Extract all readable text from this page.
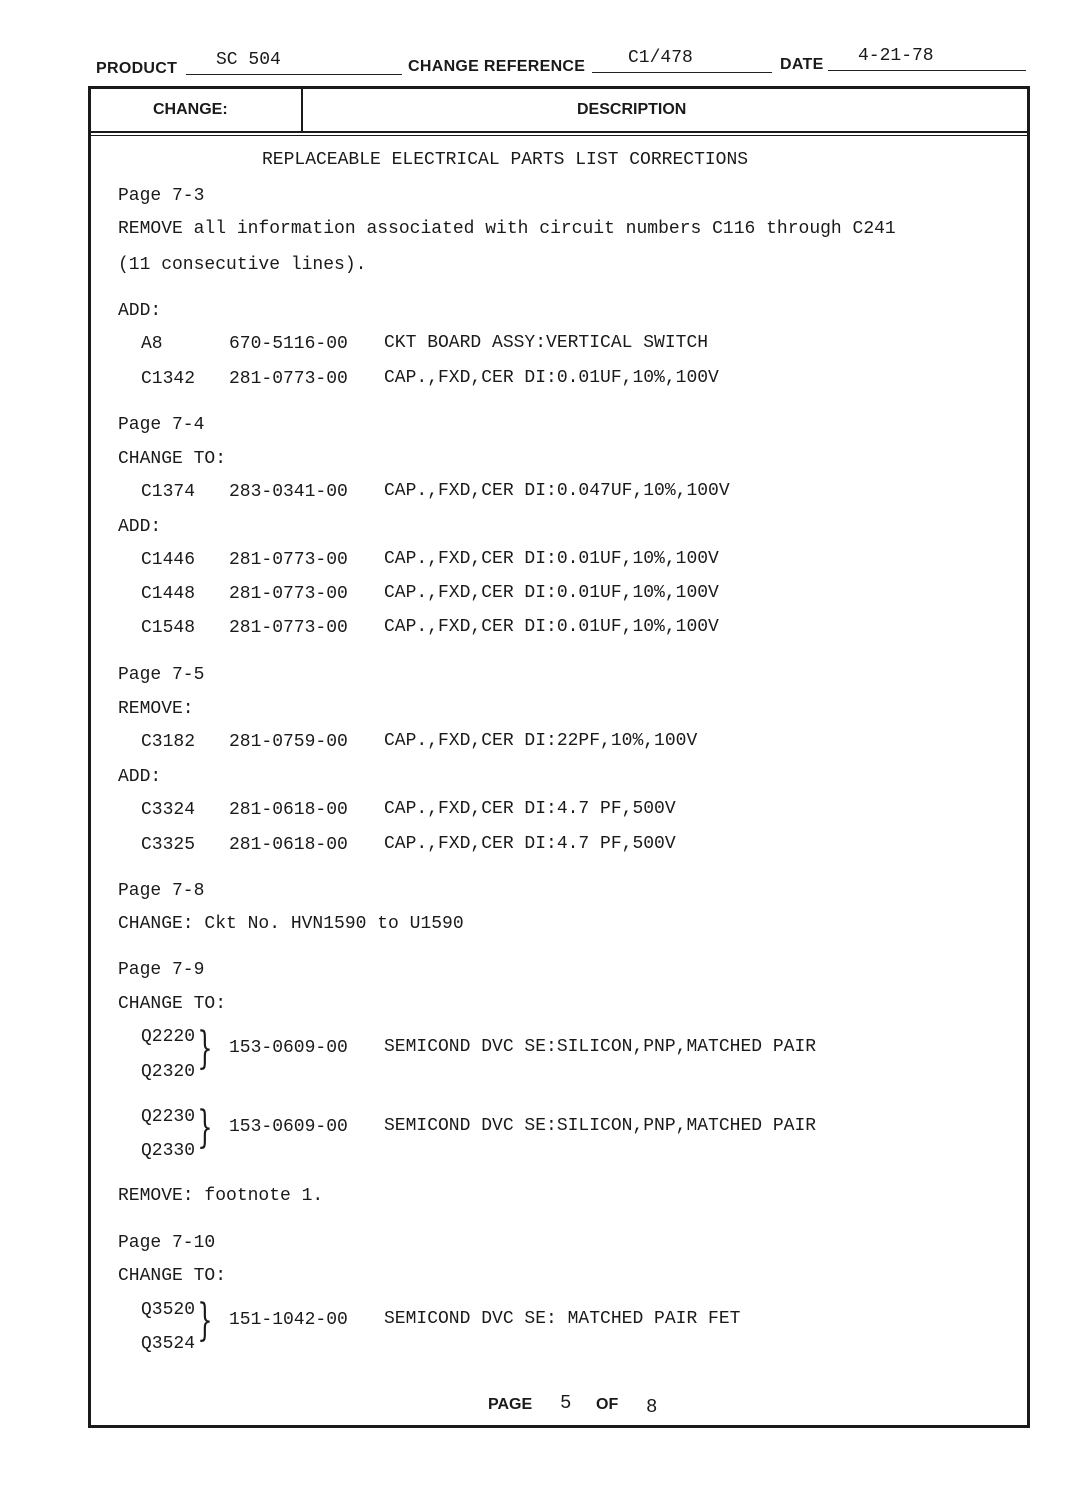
PRODUCT SC 504	CHANGE REFERENCE C1/478	DATE 4-21-78
CHANGE:	DESCRIPTION
REPLACEABLE ELECTRICAL PARTS LIST CORRECTIONS
Page 7-3
REMOVE all information associated with circuit numbers C116 through C241
(11 consecutive lines).
ADD:
A8	670-5116-00 CKT BOARD ASSY:VERTICAL SWITCH
C1342 281-0773-00 CAP.,FXD,CER DI:0.01UF,10%,100V
Page 7-4
CHANGE TO:
C1374 283-0341-00 CAP.,FXD,CER DI:0.047UF,10%,100V
ADD:
C1446 281-0773-00 CAP.,FXD,CER DI:0.01UF,10%,100V
C1448 281-0773-00 CAP.,FXD,CER DI:0.01UF,10%,100V
C1548 281-0773-00 CAP.,FXD,CER DI:0.01UF,10%,100V
Page 7-5
REMOVE:
C3182 281-0759-00 CAP.,FXD,CER DI:22PF,10%,100V
ADD:
C3324 281-0618-00 CAP.,FXD,CER DI:4.7 PF,500V
C3325 281-0618-00 CAP.,FXD,CER DI:4.7 PF,500V
Page 7-8
CHANGE: Ckt No. HVN1590 to U1590
Page 7-9
CHANGE TO:
Q2220
Q2320 } 153-0609-00 SEMICOND DVC SE:SILICON,PNP,MATCHED PAIR
Q2230
Q2330 } 153-0609-00 SEMICOND DVC SE:SILICON,PNP,MATCHED PAIR
REMOVE: footnote 1.
Page 7-10
CHANGE TO:
Q3520
Q3524 } 151-1042-00 SEMICOND DVC SE: MATCHED PAIR FET
PAGE 5 OF 8
